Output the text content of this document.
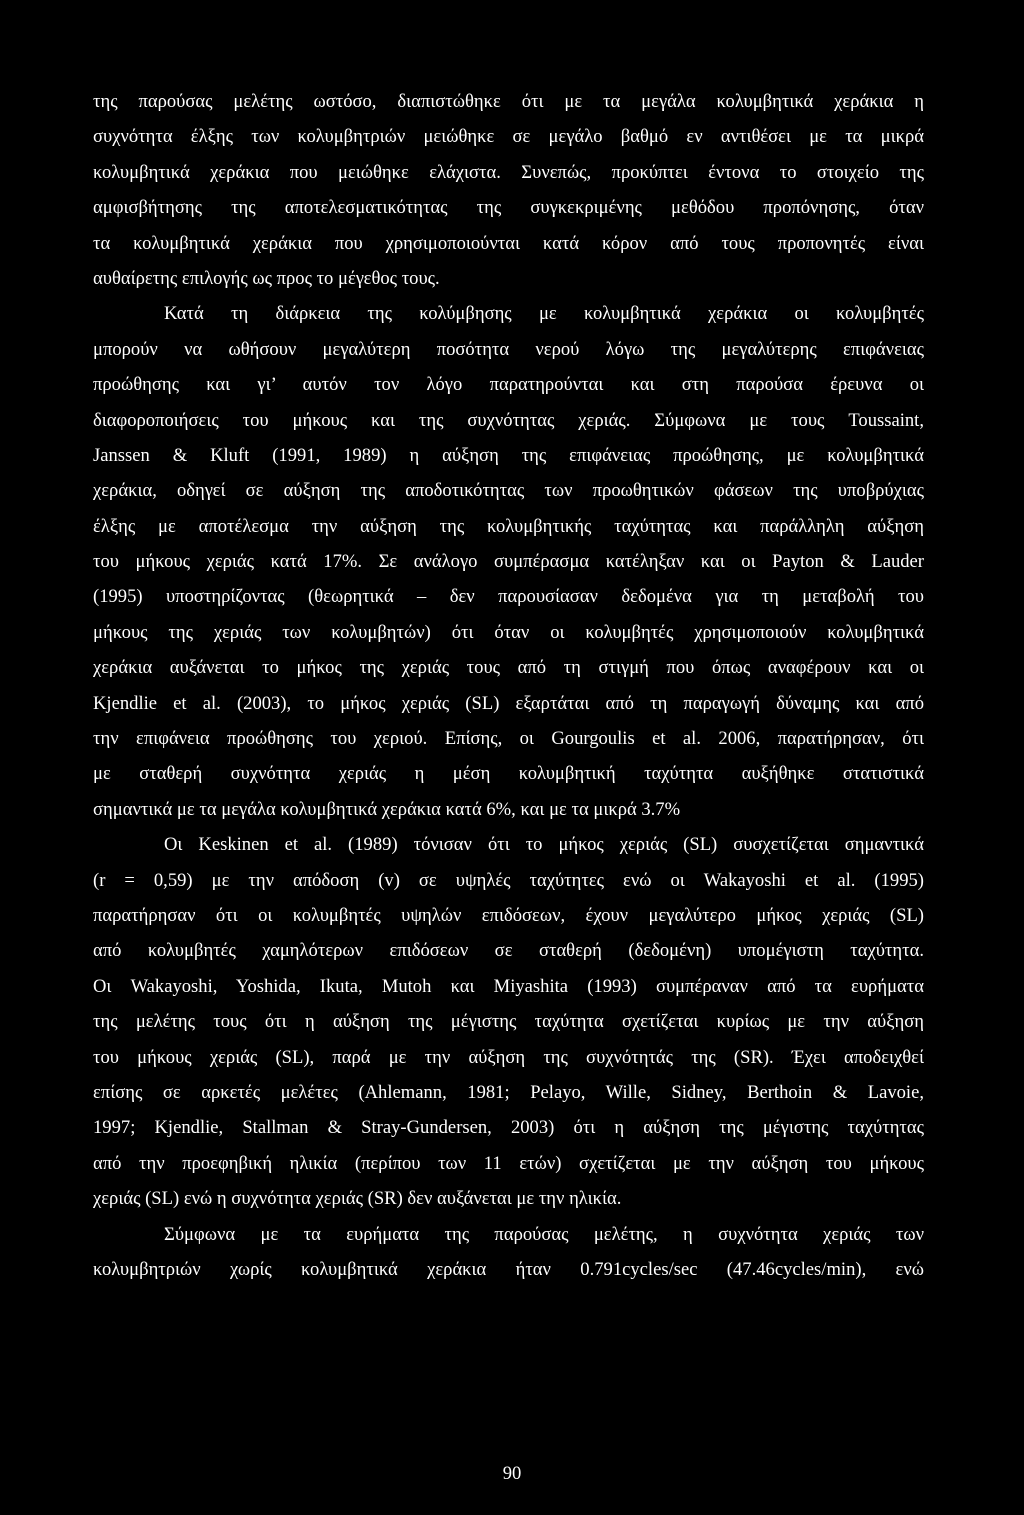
της παρούσας μελέτης ωστόσο, διαπιστώθηκε ότι με τα μεγάλα κολυμβητικά χεράκια η
συχνότητα έλξης των κολυμβητριών μειώθηκε σε μεγάλο βαθμό εν αντιθέσει με τα μικρά
κολυμβητικά χεράκια που μειώθηκε ελάχιστα. Συνεπώς, προκύπτει έντονα το στοιχείο της
αμφισβήτησης της αποτελεσματικότητας της συγκεκριμένης μεθόδου προπόνησης, όταν
τα κολυμβητικά χεράκια που χρησιμοποιούνται κατά κόρον από τους προπονητές είναι
αυθαίρετης επιλογής ως προς το μέγεθος τους.
Κατά τη διάρκεια της κολύμβησης με κολυμβητικά χεράκια οι κολυμβητές
μπορούν να ωθήσουν μεγαλύτερη ποσότητα νερού λόγω της μεγαλύτερης επιφάνειας
προώθησης και γι’ αυτόν τον λόγο παρατηρούνται και στη παρούσα έρευνα οι
διαφοροποιήσεις του μήκους και της συχνότητας χεριάς. Σύμφωνα με τους Toussaint,
Janssen & Kluft (1991, 1989) η αύξηση της επιφάνειας προώθησης, με κολυμβητικά
χεράκια, οδηγεί σε αύξηση της αποδοτικότητας των προωθητικών φάσεων της υποβρύχιας
έλξης με αποτέλεσμα την αύξηση της κολυμβητικής ταχύτητας και παράλληλη αύξηση
του μήκους χεριάς κατά 17%. Σε ανάλογο συμπέρασμα κατέληξαν και οι Payton & Lauder
(1995) υποστηρίζοντας (θεωρητικά – δεν παρουσίασαν δεδομένα για τη μεταβολή του
μήκους της χεριάς των κολυμβητών) ότι όταν οι κολυμβητές χρησιμοποιούν κολυμβητικά
χεράκια αυξάνεται το μήκος της χεριάς τους από τη στιγμή που όπως αναφέρουν και οι
Kjendlie et al. (2003), το μήκος χεριάς (SL) εξαρτάται από τη παραγωγή δύναμης και από
την επιφάνεια προώθησης του χεριού. Επίσης, οι Gourgoulis et al. 2006, παρατήρησαν, ότι
με σταθερή συχνότητα χεριάς η μέση κολυμβητική ταχύτητα αυξήθηκε στατιστικά
σημαντικά με τα μεγάλα κολυμβητικά χεράκια κατά 6%, και με τα μικρά 3.7%
Οι Keskinen et al. (1989) τόνισαν ότι το μήκος χεριάς (SL) συσχετίζεται σημαντικά
(r = 0,59) με την απόδοση (v) σε υψηλές ταχύτητες ενώ οι Wakayoshi et al. (1995)
παρατήρησαν ότι οι κολυμβητές υψηλών επιδόσεων, έχουν μεγαλύτερο μήκος χεριάς (SL)
από κολυμβητές χαμηλότερων επιδόσεων σε σταθερή (δεδομένη) υπομέγιστη ταχύτητα.
Οι Wakayoshi, Yoshida, Ikuta, Mutoh και Miyashita (1993) συμπέραναν από τα ευρήματα
της μελέτης τους ότι η αύξηση της μέγιστης ταχύτητα σχετίζεται κυρίως με την αύξηση
του μήκους χεριάς (SL), παρά με την αύξηση της συχνότητάς της (SR). Έχει αποδειχθεί
επίσης σε αρκετές μελέτες (Ahlemann, 1981; Pelayo, Wille, Sidney, Berthoin & Lavoie,
1997; Kjendlie, Stallman & Stray-Gundersen, 2003) ότι η αύξηση της μέγιστης ταχύτητας
από την προεφηβική ηλικία (περίπου των 11 ετών) σχετίζεται με την αύξηση του μήκους
χεριάς (SL) ενώ η συχνότητα χεριάς (SR) δεν αυξάνεται με την ηλικία.
Σύμφωνα με τα ευρήματα της παρούσας μελέτης, η συχνότητα χεριάς των
κολυμβητριών χωρίς κολυμβητικά χεράκια ήταν 0.791cycles/sec (47.46cycles/min), ενώ
90
